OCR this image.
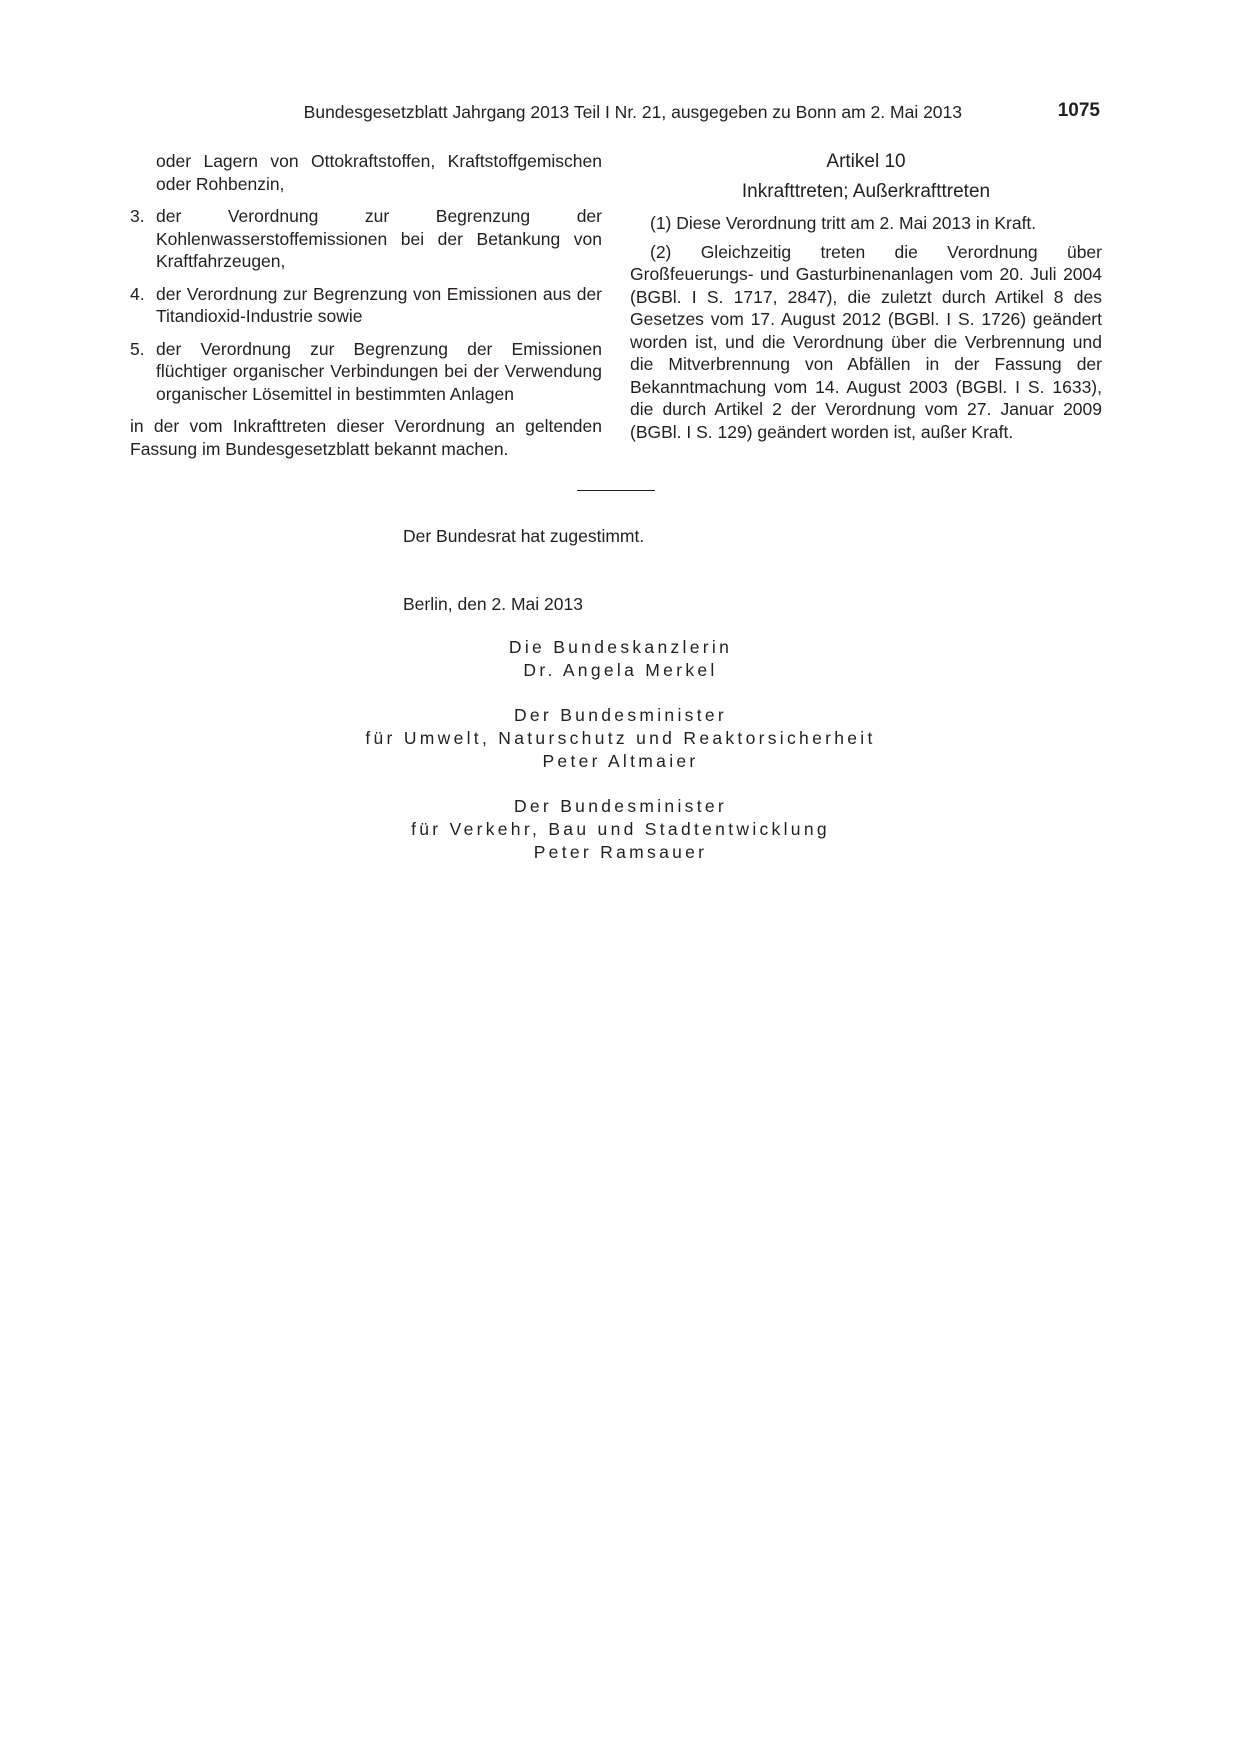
Bundesgesetzblatt Jahrgang 2013 Teil I Nr. 21, ausgegeben zu Bonn am 2. Mai 2013	1075

oder Lagern von Ottokraftstoffen, Kraftstoffgemischen oder Rohbenzin,

3. der Verordnung zur Begrenzung der Kohlenwasserstoffemissionen bei der Betankung von Kraftfahrzeugen,
4. der Verordnung zur Begrenzung von Emissionen aus der Titandioxid-Industrie sowie
5. der Verordnung zur Begrenzung der Emissionen flüchtiger organischer Verbindungen bei der Verwendung organischer Lösemittel in bestimmten Anlagen

in der vom Inkrafttreten dieser Verordnung an geltenden Fassung im Bundesgesetzblatt bekannt machen.

Artikel 10

Inkrafttreten; Außerkrafttreten

(1) Diese Verordnung tritt am 2. Mai 2013 in Kraft.

(2) Gleichzeitig treten die Verordnung über Großfeuerungs- und Gasturbinenanlagen vom 20. Juli 2004 (BGBl. I S. 1717, 2847), die zuletzt durch Artikel 8 des Gesetzes vom 17. August 2012 (BGBl. I S. 1726) geändert worden ist, und die Verordnung über die Verbrennung und die Mitverbrennung von Abfällen in der Fassung der Bekanntmachung vom 14. August 2003 (BGBl. I S. 1633), die durch Artikel 2 der Verordnung vom 27. Januar 2009 (BGBl. I S. 129) geändert worden ist, außer Kraft.

Der Bundesrat hat zugestimmt.
Berlin, den 2. Mai 2013
Die Bundeskanzlerin
Dr. Angela Merkel
Der Bundesminister
für Umwelt, Naturschutz und Reaktorsicherheit
Peter Altmaier
Der Bundesminister
für Verkehr, Bau und Stadtentwicklung
Peter Ramsauer
